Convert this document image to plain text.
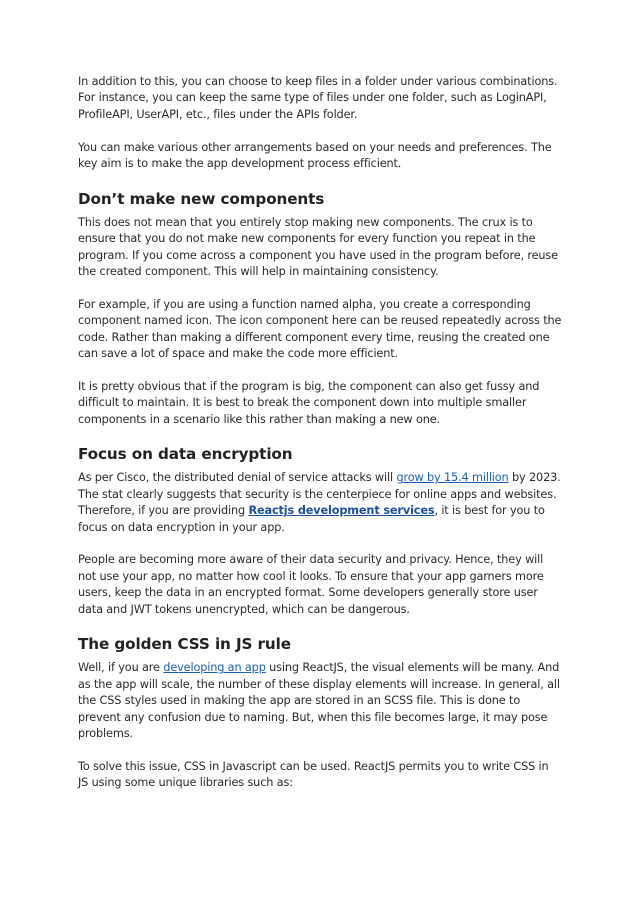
In addition to this, you can choose to keep files in a folder under various combinations. For instance, you can keep the same type of files under one folder, such as LoginAPI, ProfileAPI, UserAPI, etc., files under the APIs folder.

You can make various other arrangements based on your needs and preferences. The key aim is to make the app development process efficient.

Don’t make new components

This does not mean that you entirely stop making new components. The crux is to ensure that you do not make new components for every function you repeat in the program. If you come across a component you have used in the program before, reuse the created component. This will help in maintaining consistency.

For example, if you are using a function named alpha, you create a corresponding component named icon. The icon component here can be reused repeatedly across the code. Rather than making a different component every time, reusing the created one can save a lot of space and make the code more efficient.

It is pretty obvious that if the program is big, the component can also get fussy and difficult to maintain. It is best to break the component down into multiple smaller components in a scenario like this rather than making a new one.

Focus on data encryption

As per Cisco, the distributed denial of service attacks will grow by 15.4 million by 2023. The stat clearly suggests that security is the centerpiece for online apps and websites. Therefore, if you are providing Reactjs development services, it is best for you to focus on data encryption in your app.

People are becoming more aware of their data security and privacy. Hence, they will not use your app, no matter how cool it looks. To ensure that your app garners more users, keep the data in an encrypted format. Some developers generally store user data and JWT tokens unencrypted, which can be dangerous.

The golden CSS in JS rule

Well, if you are developing an app using ReactJS, the visual elements will be many. And as the app will scale, the number of these display elements will increase. In general, all the CSS styles used in making the app are stored in an SCSS file. This is done to prevent any confusion due to naming. But, when this file becomes large, it may pose problems.

To solve this issue, CSS in Javascript can be used. ReactJS permits you to write CSS in JS using some unique libraries such as:
